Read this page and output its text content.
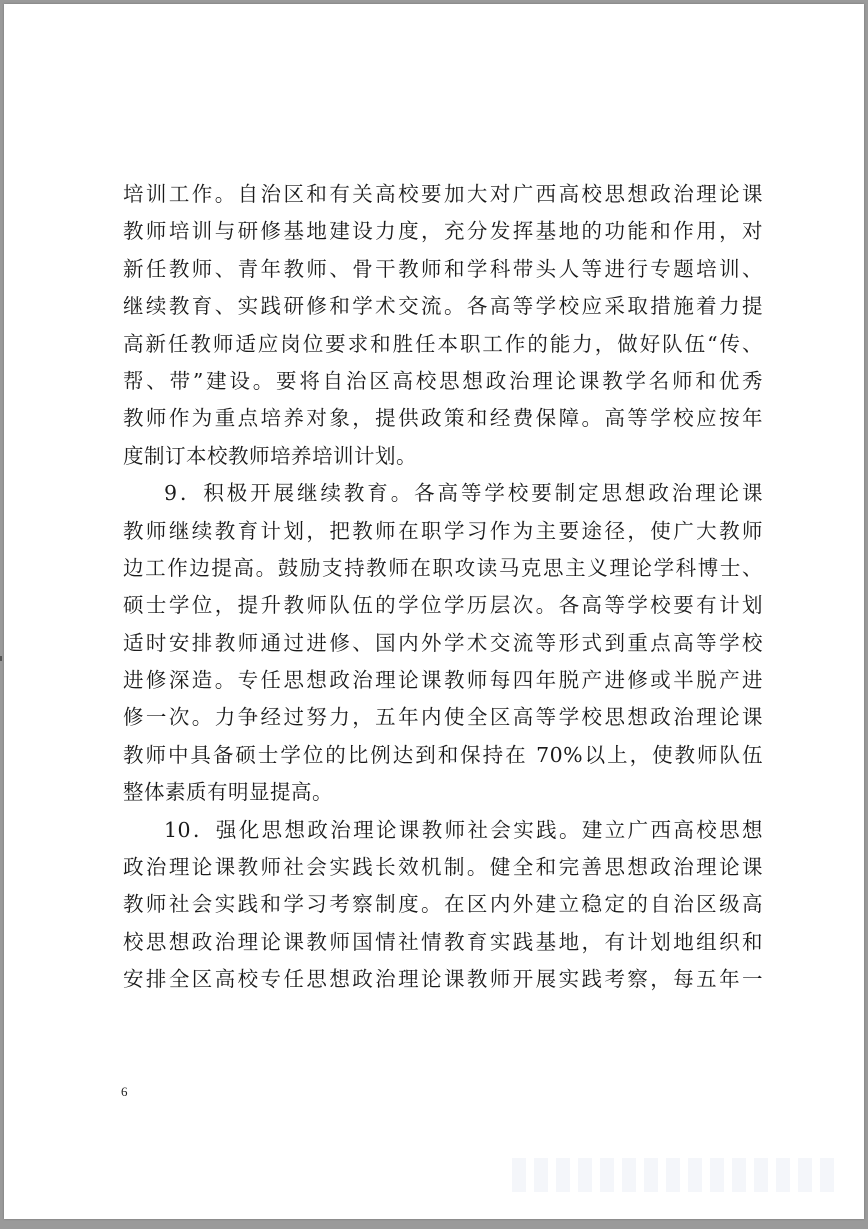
培训工作。自治区和有关高校要加大对广西高校思想政治理论课
教师培训与研修基地建设力度，充分发挥基地的功能和作用，对
新任教师、青年教师、骨干教师和学科带头人等进行专题培训、
继续教育、实践研修和学术交流。各高等学校应采取措施着力提
高新任教师适应岗位要求和胜任本职工作的能力，做好队伍“传、
帮、带”建设。要将自治区高校思想政治理论课教学名师和优秀
教师作为重点培养对象，提供政策和经费保障。高等学校应按年
度制订本校教师培养培训计划。
9．积极开展继续教育。各高等学校要制定思想政治理论课
教师继续教育计划，把教师在职学习作为主要途径，使广大教师
边工作边提高。鼓励支持教师在职攻读马克思主义理论学科博士、
硕士学位，提升教师队伍的学位学历层次。各高等学校要有计划
适时安排教师通过进修、国内外学术交流等形式到重点高等学校
进修深造。专任思想政治理论课教师每四年脱产进修或半脱产进
修一次。力争经过努力，五年内使全区高等学校思想政治理论课
教师中具备硕士学位的比例达到和保持在 70%以上，使教师队伍
整体素质有明显提高。
10．强化思想政治理论课教师社会实践。建立广西高校思想
政治理论课教师社会实践长效机制。健全和完善思想政治理论课
教师社会实践和学习考察制度。在区内外建立稳定的自治区级高
校思想政治理论课教师国情社情教育实践基地，有计划地组织和
安排全区高校专任思想政治理论课教师开展实践考察，每五年一
6
